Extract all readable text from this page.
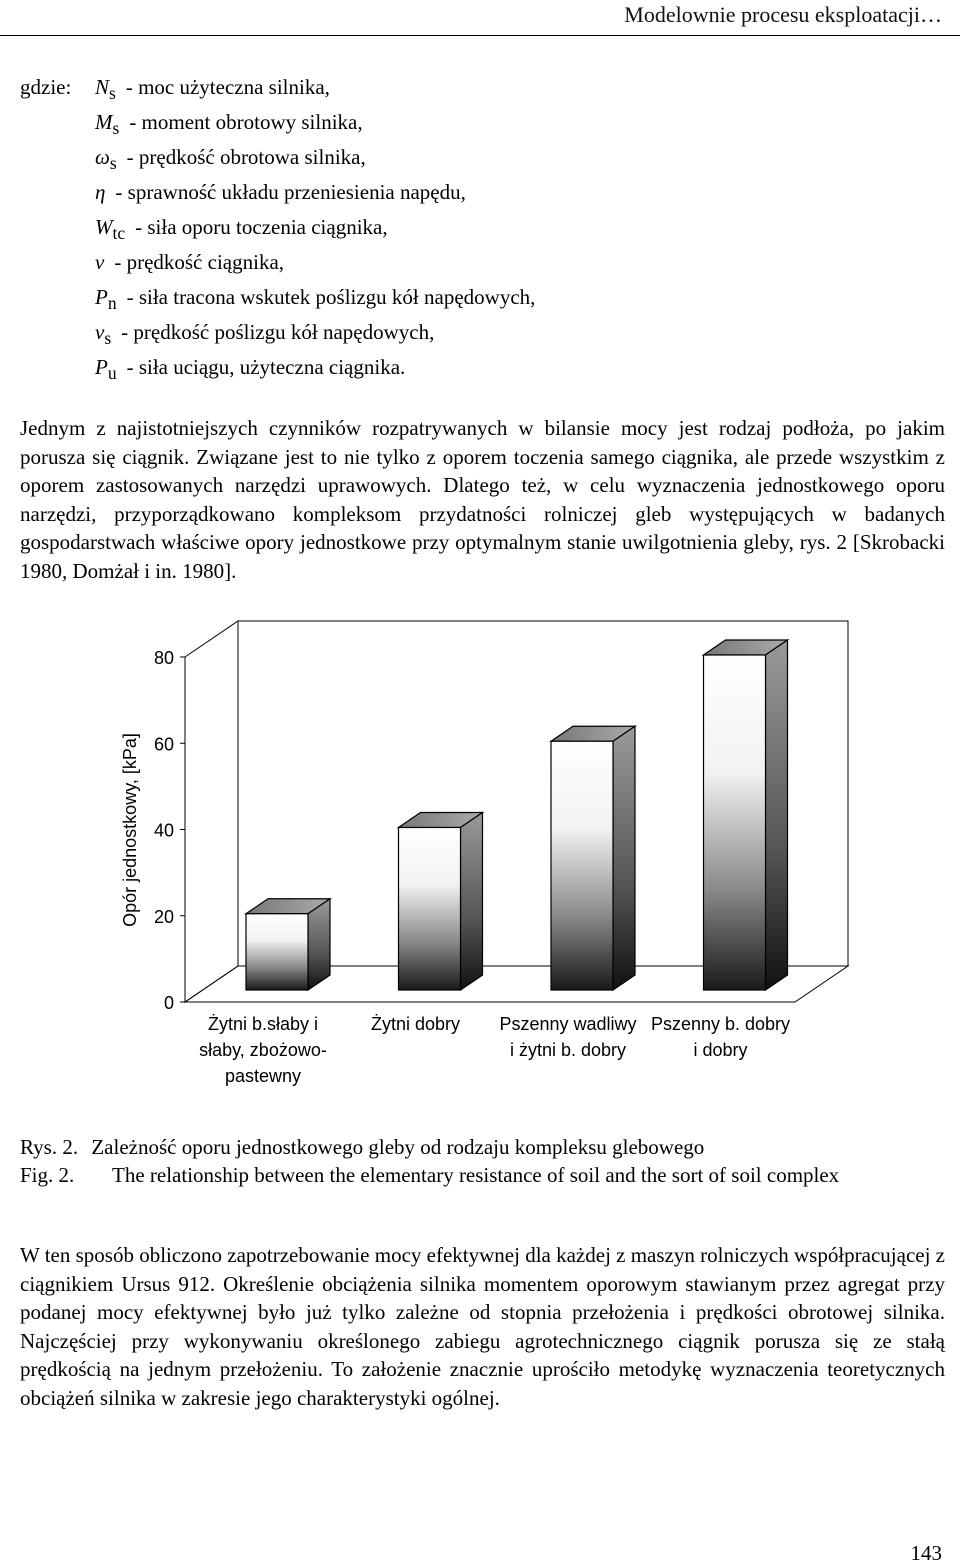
Modelownie procesu eksploatacji…
gdzie: $N_s$ - moc użyteczna silnika,
$M_s$ - moment obrotowy silnika,
$\omega_s$ - prędkość obrotowa silnika,
η - sprawność układu przeniesienia napędu,
$W_{tc}$ - siła oporu toczenia ciągnika,
v - prędkość ciągnika,
$P_n$ - siła tracona wskutek poślizgu kół napędowych,
$v_s$ - prędkość poślizgu kół napędowych,
$P_u$ - siła uciągu, użyteczna ciągnika.
Jednym z najistotniejszych czynników rozpatrywanych w bilansie mocy jest rodzaj podłoża, po jakim porusza się ciągnik. Związane jest to nie tylko z oporem toczenia samego ciągnika, ale przede wszystkim z oporem zastosowanych narzędzi uprawowych. Dlatego też, w celu wyznaczenia jednostkowego oporu narzędzi, przyporządkowano kompleksom przydatności rolniczej gleb występujących w badanych gospodarstwach właściwe opory jednostkowe przy optymalnym stanie uwilgotnienia gleby, rys. 2 [Skrobacki 1980, Domżał i in. 1980].
0
20
40
60
80
Opór jednostkowy, [kPa]
Żytni b.słaby i słaby, zbożowo-pastewny
Żytni dobry Pszenny wadliwy i żytni b. dobry
Pszenny b. dobry i dobry
Rys. 2. Zależność oporu jednostkowego gleby od rodzaju kompleksu glebowego
Fig. 2. The relationship between the elementary resistance of soil and the sort of soil complex
W ten sposób obliczono zapotrzebowanie mocy efektywnej dla każdej z maszyn rolniczych współpracującej z ciągnikiem Ursus 912. Określenie obciążenia silnika momentem oporowym stawianym przez agregat przy podanej mocy efektywnej było już tylko zależne od stopnia przełożenia i prędkości obrotowej silnika. Najczęściej przy wykonywaniu określonego zabiegu agrotechnicznego ciągnik porusza się ze stałą prędkością na jednym przełożeniu. To założenie znacznie uprościło metodykę wyznaczenia teoretycznych obciążeń silnika w zakresie jego charakterystyki ogólnej.
143
